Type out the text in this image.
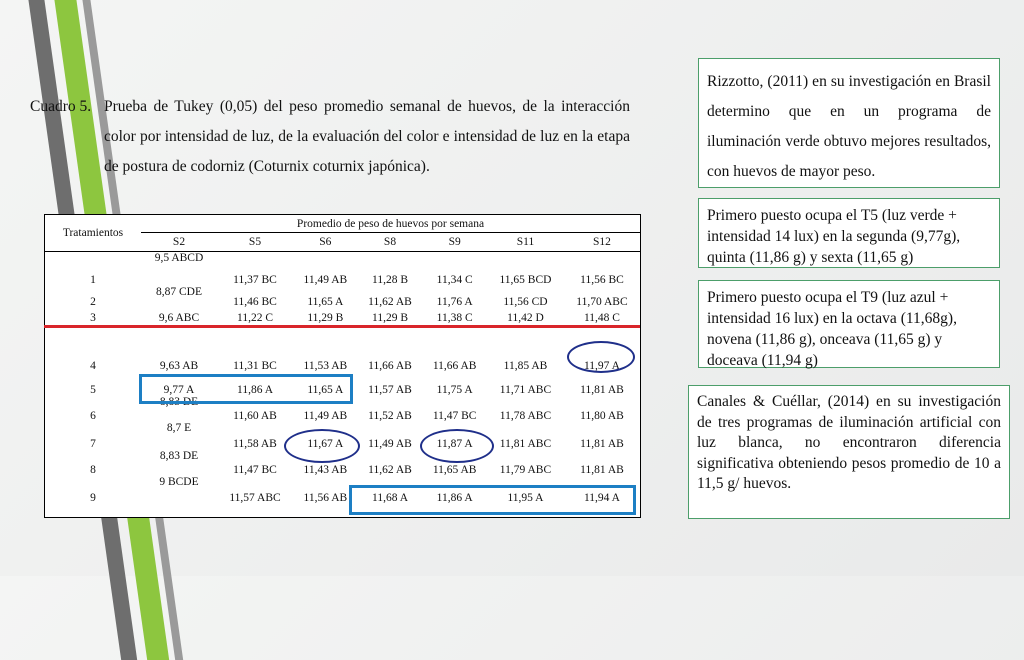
Cuadro 5. Prueba de Tukey (0,05) del peso promedio semanal de huevos, de la interacción color por intensidad de luz, de la evaluación del color e intensidad de luz en la etapa de postura de codorniz (Coturnix coturnix japónica).
Tratamientos	Promedio de peso de huevos por semana						
	S2	S5	S6	S8	S9	S11	S12
1	9,5 ABCD	11,37 BC	11,49 AB	11,28 B	11,34 C	11,65 BCD	11,56 BC
2	8,87 CDE	11,46 BC	11,65 A	11,62 AB	11,76 A	11,56 CD	11,70 ABC
3	9,6 ABC	11,22 C	11,29 B	11,29 B	11,38 C	11,42 D	11,48 C
4	9,63 AB	11,31 BC	11,53 AB	11,66 AB	11,66 AB	11,85 AB	11,97 A
5	9,77 A	11,86 A	11,65 A	11,57 AB	11,75 A	11,71 ABC	11,81 AB
6	8,83 DE	11,60 AB	11,49 AB	11,52 AB	11,47 BC	11,78 ABC	11,80 AB
7	8,7 E	11,58 AB	11,67 A	11,49 AB	11,87 A	11,81 ABC	11,81 AB
8	8,83 DE	11,47 BC	11,43 AB	11,62 AB	11,65 AB	11,79 ABC	11,81 AB
9	9 BCDE	11,57 ABC	11,56 AB	11,68 A	11,86 A	11,95 A	11,94 A
Rizzotto, (2011) en su investigación en Brasil determino que en un programa de iluminación verde obtuvo mejores resultados, con huevos de mayor peso.
Primero puesto ocupa el T5 (luz verde + intensidad 14 lux) en la segunda (9,77g), quinta (11,86 g) y sexta (11,65 g)
Primero puesto ocupa el T9 (luz azul + intensidad 16 lux) en la octava (11,68g), novena (11,86 g), onceava (11,65 g) y doceava (11,94 g)
Canales & Cuéllar, (2014) en su investigación de tres programas de iluminación artificial con luz blanca, no encontraron diferencia significativa obteniendo pesos promedio de 10 a 11,5 g/ huevos.
